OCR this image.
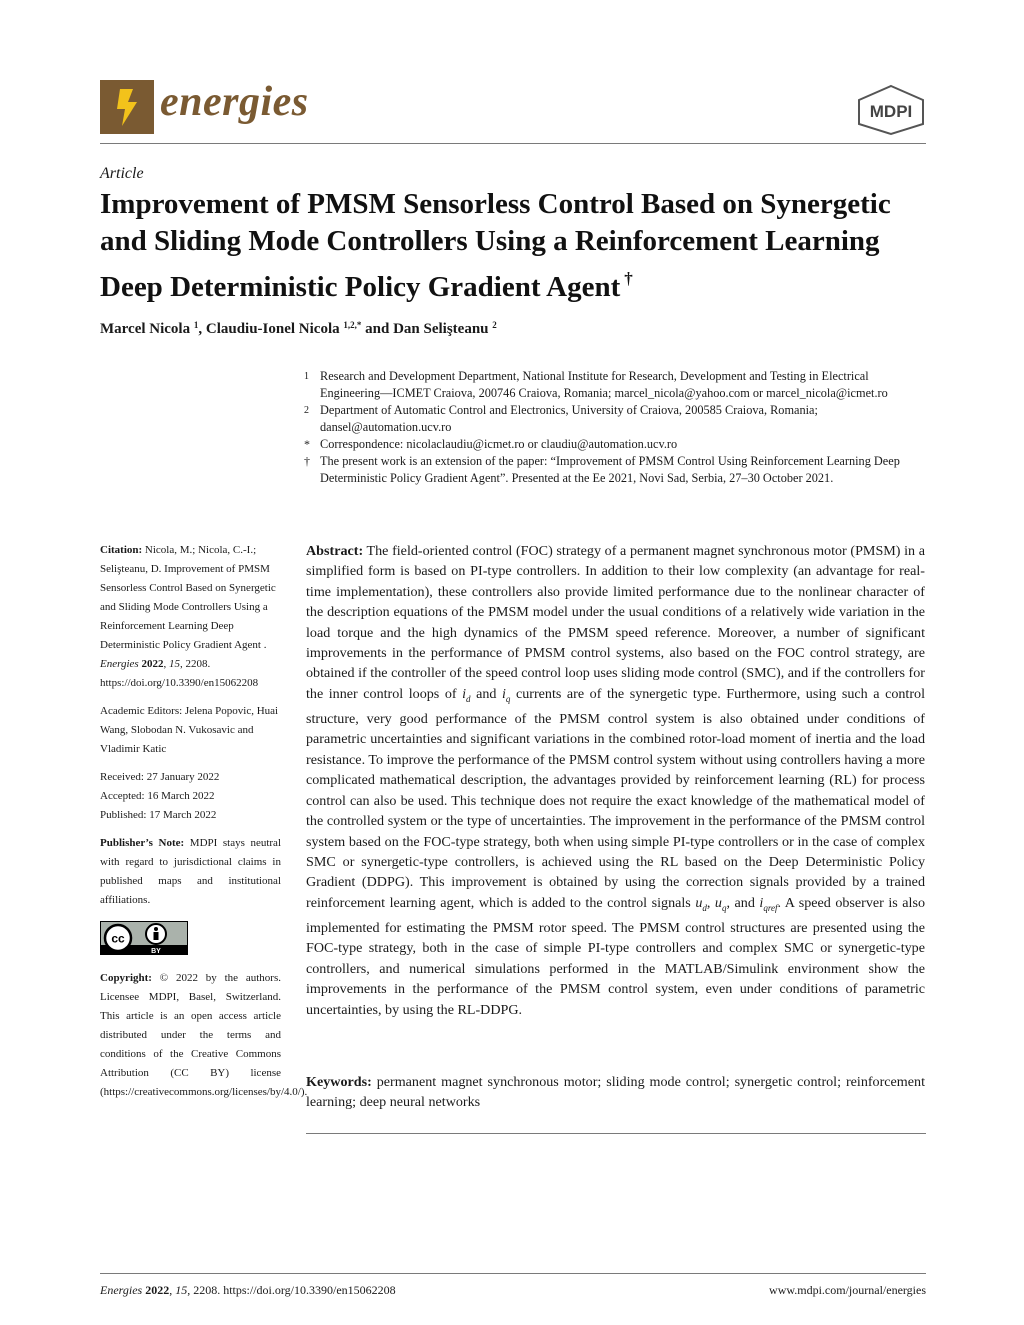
energies	MDPI
Article
Improvement of PMSM Sensorless Control Based on Synergetic and Sliding Mode Controllers Using a Reinforcement Learning Deep Deterministic Policy Gradient Agent †
Marcel Nicola $^1$, Claudiu-Ionel Nicola $^{1,2,*}$ and Dan Selişteanu $^2$
1 Research and Development Department, National Institute for Research, Development and Testing in Electrical Engineering—ICMET Craiova, 200746 Craiova, Romania; marcel_nicola@yahoo.com or marcel_nicola@icmet.ro
2 Department of Automatic Control and Electronics, University of Craiova, 200585 Craiova, Romania; dansel@automation.ucv.ro
* Correspondence: nicolaclaudiu@icmet.ro or claudiu@automation.ucv.ro
† The present work is an extension of the paper: “Improvement of PMSM Control Using Reinforcement Learning Deep Deterministic Policy Gradient Agent”. Presented at the Ee 2021, Novi Sad, Serbia, 27–30 October 2021.

Citation: Nicola, M.; Nicola, C.-I.; Selişteanu, D. Improvement of PMSM Sensorless Control Based on Synergetic and Sliding Mode Controllers Using a Reinforcement Learning Deep Deterministic Policy Gradient Agent . Energies 2022, 15, 2208. https://doi.org/10.3390/en15062208

Academic Editors: Jelena Popovic, Huai Wang, Slobodan N. Vukosavic and Vladimir Katic

Received: 27 January 2022

Accepted: 16 March 2022

Published: 17 March 2022

Publisher’s Note: MDPI stays neutral with regard to jurisdictional claims in published maps and institutional affiliations.

cc
BY

Copyright: © 2022 by the authors. Licensee MDPI, Basel, Switzerland. This article is an open access article distributed under the terms and conditions of the Creative Commons Attribution (CC BY) license (https://creativecommons.org/licenses/by/4.0/).

Abstract: The field-oriented control (FOC) strategy of a permanent magnet synchronous motor (PMSM) in a simplified form is based on PI-type controllers. In addition to their low complexity (an advantage for real-time implementation), these controllers also provide limited performance due to the nonlinear character of the description equations of the PMSM model under the usual conditions of a relatively wide variation in the load torque and the high dynamics of the PMSM speed reference. Moreover, a number of significant improvements in the performance of PMSM control systems, also based on the FOC control strategy, are obtained if the controller of the speed control loop uses sliding mode control (SMC), and if the controllers for the inner control loops of $i_d$ and $i_q$ currents are of the synergetic type. Furthermore, using such a control structure, very good performance of the PMSM control system is also obtained under conditions of parametric uncertainties and significant variations in the combined rotor-load moment of inertia and the load resistance. To improve the performance of the PMSM control system without using controllers having a more complicated mathematical description, the advantages provided by reinforcement learning (RL) for process control can also be used. This technique does not require the exact knowledge of the mathematical model of the controlled system or the type of uncertainties. The improvement in the performance of the PMSM control system based on the FOC-type strategy, both when using simple PI-type controllers or in the case of complex SMC or synergetic-type controllers, is achieved using the RL based on the Deep Deterministic Policy Gradient (DDPG). This improvement is obtained by using the correction signals provided by a trained reinforcement learning agent, which is added to the control signals $u_d$, $u_q$, and $i_{qref}$. A speed observer is also implemented for estimating the PMSM rotor speed. The PMSM control structures are presented using the FOC-type strategy, both in the case of simple PI-type controllers and complex SMC or synergetic-type controllers, and numerical simulations performed in the MATLAB/Simulink environment show the improvements in the performance of the PMSM control system, even under conditions of parametric uncertainties, by using the RL-DDPG.

Keywords: permanent magnet synchronous motor; sliding mode control; synergetic control; reinforcement learning; deep neural networks

Energies 2022, 15, 2208. https://doi.org/10.3390/en15062208	www.mdpi.com/journal/energies
